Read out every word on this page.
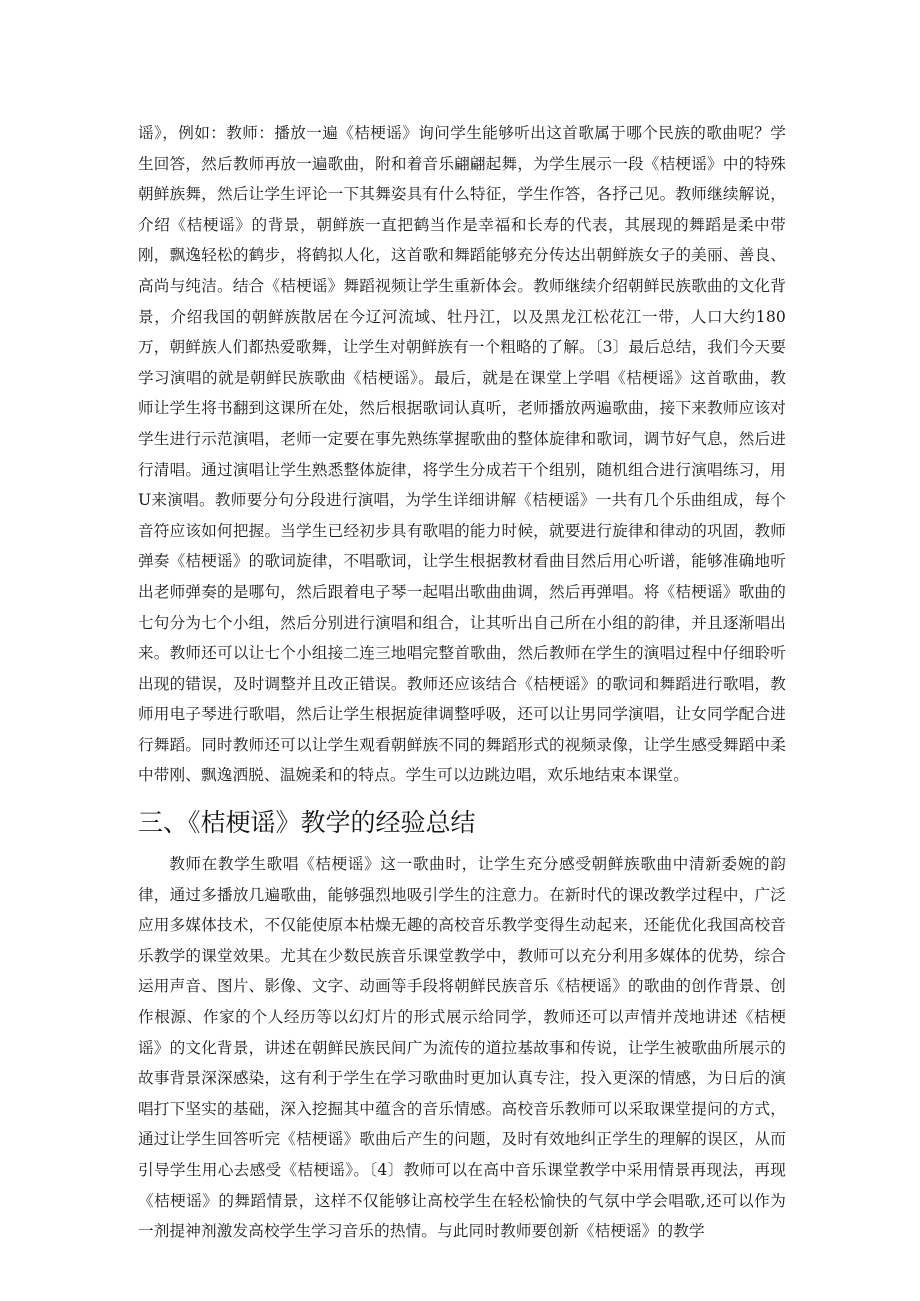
谣》，例如：教师：播放一遍《桔梗谣》询问学生能够听出这首歌属于哪个民族的歌曲呢？学生回答，然后教师再放一遍歌曲，附和着音乐翩翩起舞，为学生展示一段《桔梗谣》中的特殊朝鲜族舞，然后让学生评论一下其舞姿具有什么特征，学生作答，各抒己见。教师继续解说，介绍《桔梗谣》的背景，朝鲜族一直把鹤当作是幸福和长寿的代表，其展现的舞蹈是柔中带刚，飘逸轻松的鹤步，将鹤拟人化，这首歌和舞蹈能够充分传达出朝鲜族女子的美丽、善良、高尚与纯洁。结合《桔梗谣》舞蹈视频让学生重新体会。教师继续介绍朝鲜民族歌曲的文化背景，介绍我国的朝鲜族散居在今辽河流域、牡丹江，以及黑龙江松花江一带，人口大约180万，朝鲜族人们都热爱歌舞，让学生对朝鲜族有一个粗略的了解。〔3〕最后总结，我们今天要学习演唱的就是朝鲜民族歌曲《桔梗谣》。最后，就是在课堂上学唱《桔梗谣》这首歌曲，教师让学生将书翻到这课所在处，然后根据歌词认真听，老师播放两遍歌曲，接下来教师应该对学生进行示范演唱，老师一定要在事先熟练掌握歌曲的整体旋律和歌词，调节好气息，然后进行清唱。通过演唱让学生熟悉整体旋律，将学生分成若干个组别，随机组合进行演唱练习，用U来演唱。教师要分句分段进行演唱，为学生详细讲解《桔梗谣》一共有几个乐曲组成，每个音符应该如何把握。当学生已经初步具有歌唱的能力时候，就要进行旋律和律动的巩固，教师弹奏《桔梗谣》的歌词旋律，不唱歌词，让学生根据教材看曲目然后用心听谱，能够准确地听出老师弹奏的是哪句，然后跟着电子琴一起唱出歌曲曲调，然后再弹唱。将《桔梗谣》歌曲的七句分为七个小组，然后分别进行演唱和组合，让其听出自己所在小组的韵律，并且逐渐唱出来。教师还可以让七个小组接二连三地唱完整首歌曲，然后教师在学生的演唱过程中仔细聆听出现的错误，及时调整并且改正错误。教师还应该结合《桔梗谣》的歌词和舞蹈进行歌唱，教师用电子琴进行歌唱，然后让学生根据旋律调整呼吸，还可以让男同学演唱，让女同学配合进行舞蹈。同时教师还可以让学生观看朝鲜族不同的舞蹈形式的视频录像，让学生感受舞蹈中柔中带刚、飘逸洒脱、温婉柔和的特点。学生可以边跳边唱，欢乐地结束本课堂。

三、《桔梗谣》教学的经验总结

教师在教学生歌唱《桔梗谣》这一歌曲时，让学生充分感受朝鲜族歌曲中清新委婉的韵律，通过多播放几遍歌曲，能够强烈地吸引学生的注意力。在新时代的课改教学过程中，广泛应用多媒体技术，不仅能使原本枯燥无趣的高校音乐教学变得生动起来，还能优化我国高校音乐教学的课堂效果。尤其在少数民族音乐课堂教学中，教师可以充分利用多媒体的优势，综合运用声音、图片、影像、文字、动画等手段将朝鲜民族音乐《桔梗谣》的歌曲的创作背景、创作根源、作家的个人经历等以幻灯片的形式展示给同学，教师还可以声情并茂地讲述《桔梗谣》的文化背景，讲述在朝鲜民族民间广为流传的道拉基故事和传说，让学生被歌曲所展示的故事背景深深感染，这有利于学生在学习歌曲时更加认真专注，投入更深的情感，为日后的演唱打下坚实的基础，深入挖掘其中蕴含的音乐情感。高校音乐教师可以采取课堂提问的方式，通过让学生回答听完《桔梗谣》歌曲后产生的问题，及时有效地纠正学生的理解的误区，从而引导学生用心去感受《桔梗谣》。〔4〕教师可以在高中音乐课堂教学中采用情景再现法，再现《桔梗谣》的舞蹈情景，这样不仅能够让高校学生在轻松愉快的气氛中学会唱歌,还可以作为一剂提神剂激发高校学生学习音乐的热情。与此同时教师要创新《桔梗谣》的教学
